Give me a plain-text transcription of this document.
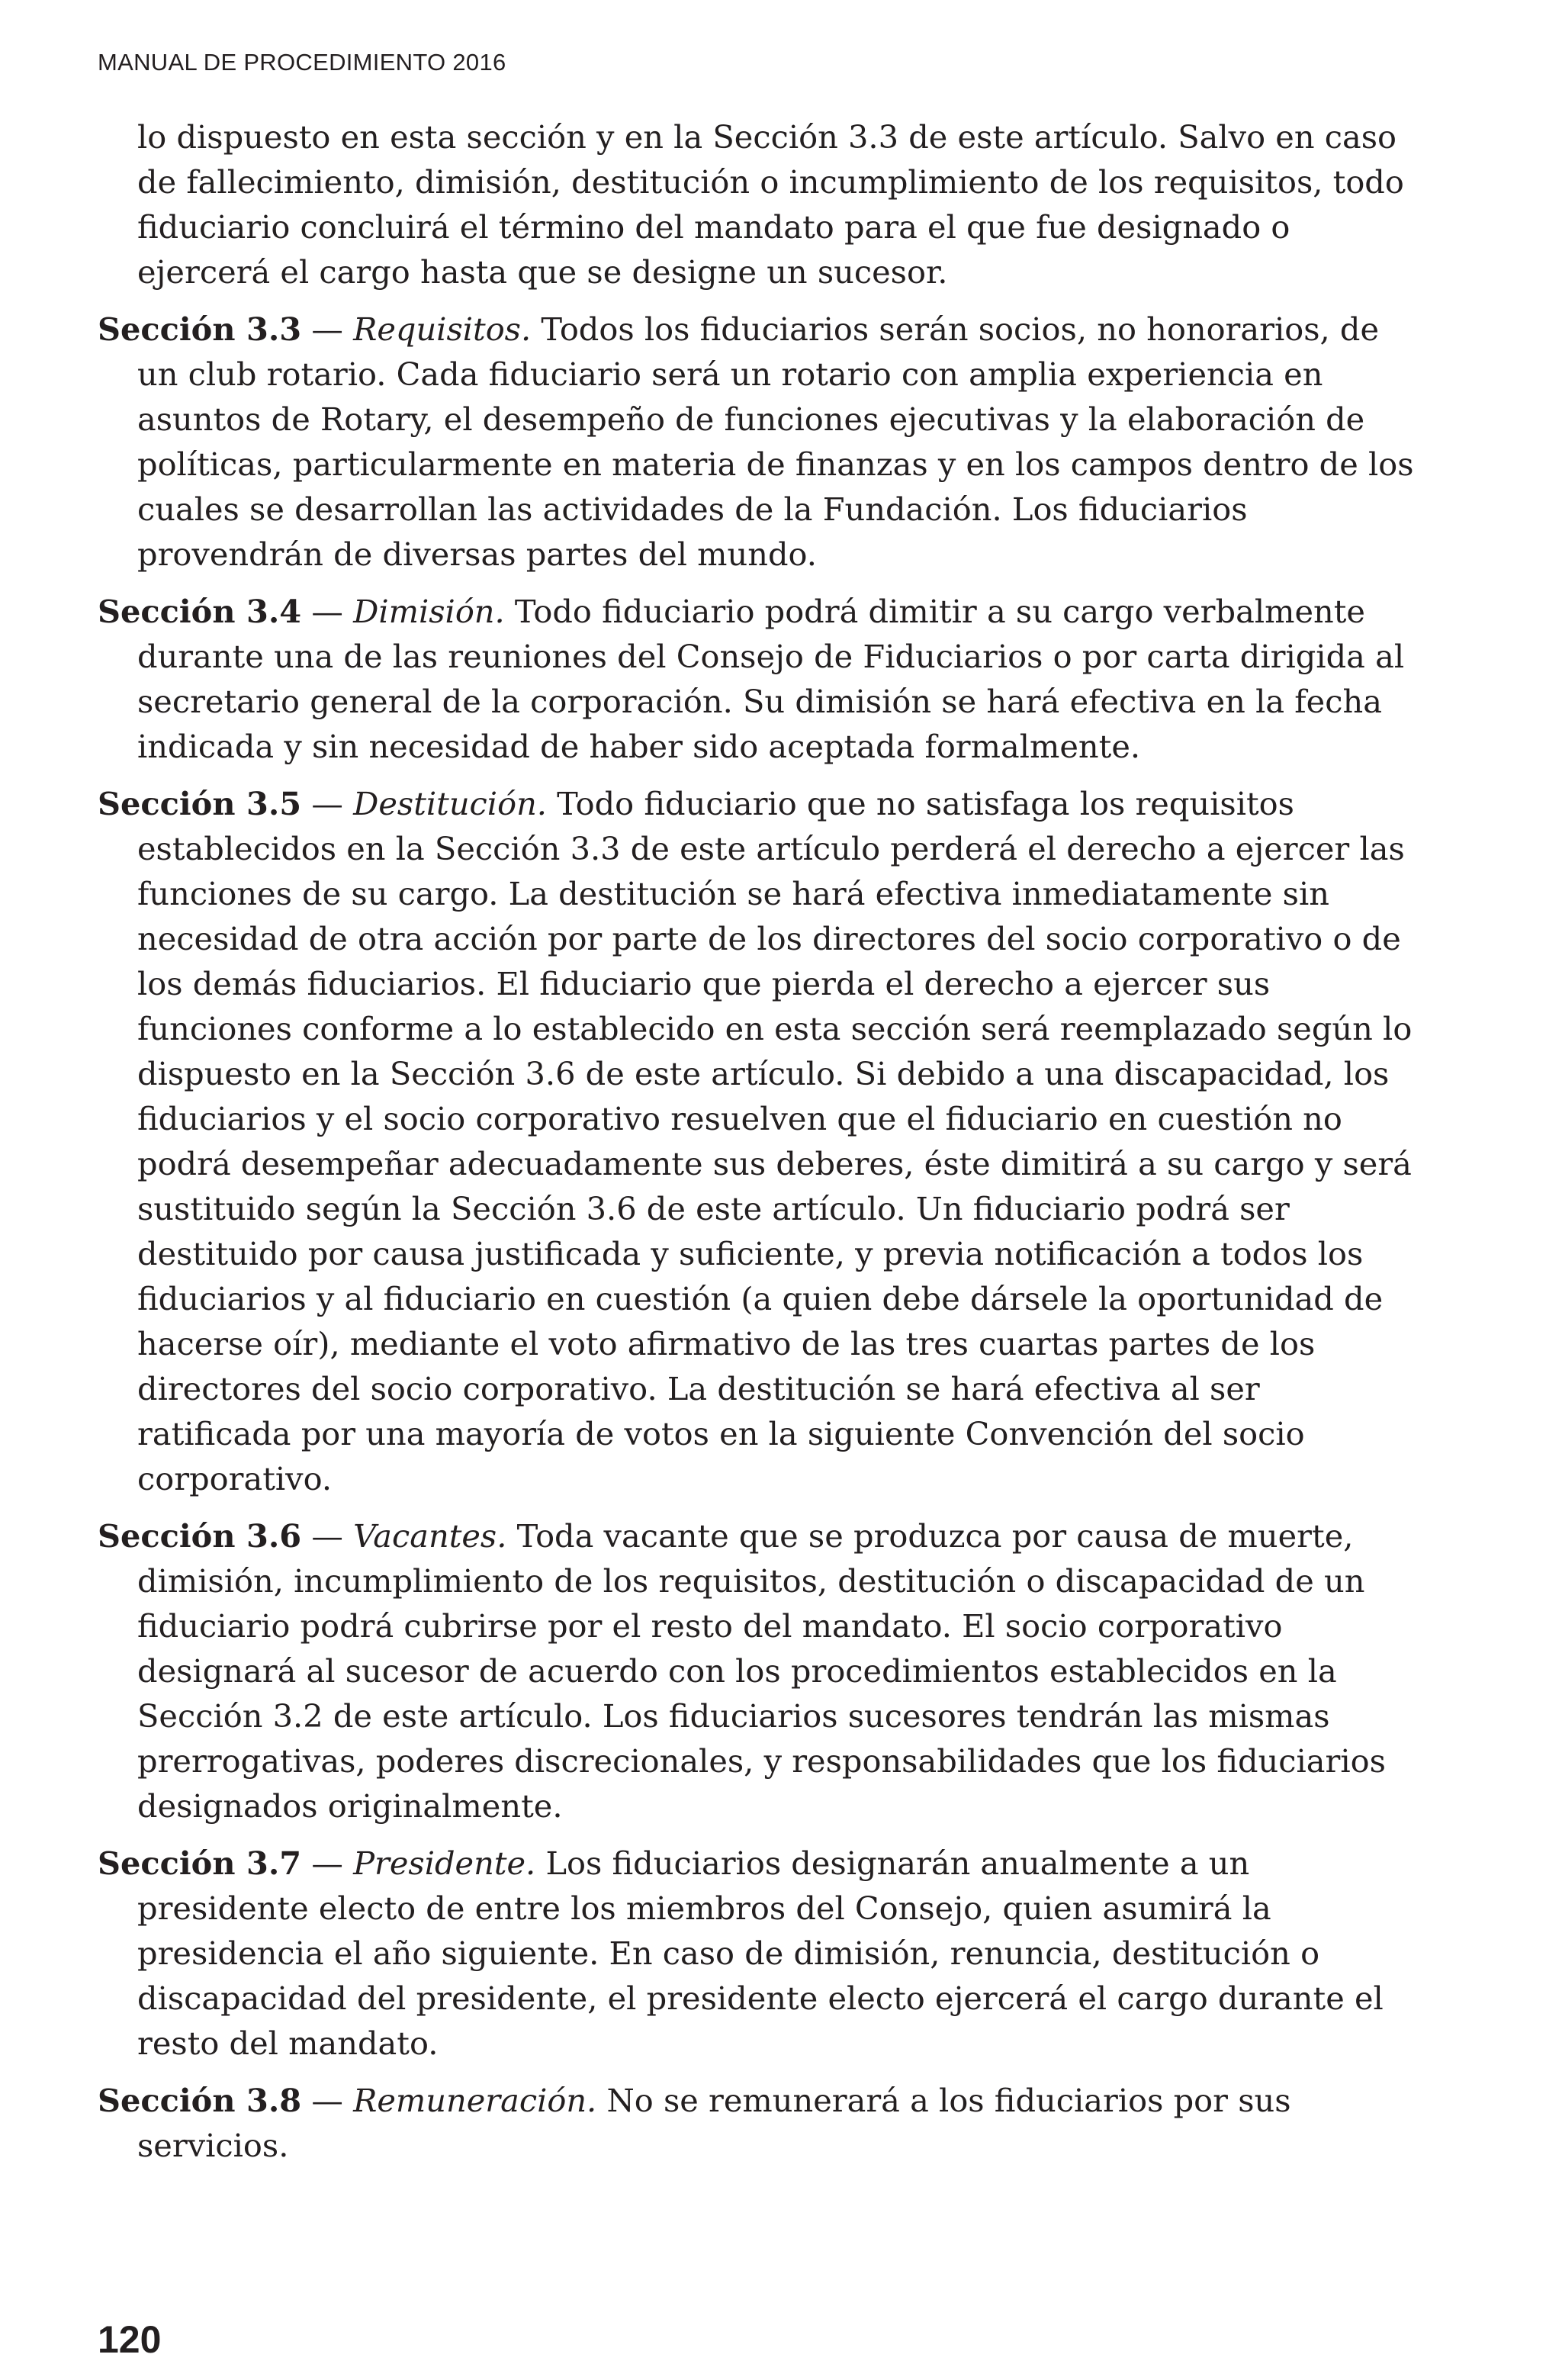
MANUAL DE PROCEDIMIENTO 2016

lo dispuesto en esta sección y en la Sección 3.3 de este artículo. Salvo en caso de fallecimiento, dimisión, destitución o incumplimiento de los requisitos, todo fiduciario concluirá el término del mandato para el que fue designado o ejercerá el cargo hasta que se designe un sucesor.

Sección 3.3 — Requisitos. Todos los fiduciarios serán socios, no honorarios, de un club rotario. Cada fiduciario será un rotario con amplia experiencia en asuntos de Rotary, el desempeño de funciones ejecutivas y la elaboración de políticas, particularmente en materia de finanzas y en los campos dentro de los cuales se desarrollan las actividades de la Fundación. Los fiduciarios provendrán de diversas partes del mundo.

Sección 3.4 — Dimisión. Todo fiduciario podrá dimitir a su cargo verbalmente durante una de las reuniones del Consejo de Fiduciarios o por carta dirigida al secretario general de la corporación. Su dimisión se hará efectiva en la fecha indicada y sin necesidad de haber sido aceptada formalmente.

Sección 3.5 — Destitución. Todo fiduciario que no satisfaga los requisitos establecidos en la Sección 3.3 de este artículo perderá el derecho a ejercer las funciones de su cargo. La destitución se hará efectiva inmediatamente sin necesidad de otra acción por parte de los directores del socio corporativo o de los demás fiduciarios. El fiduciario que pierda el derecho a ejercer sus funciones conforme a lo establecido en esta sección será reemplazado según lo dispuesto en la Sección 3.6 de este artículo. Si debido a una discapacidad, los fiduciarios y el socio corporativo resuelven que el fiduciario en cuestión no podrá desempeñar adecuadamente sus deberes, éste dimitirá a su cargo y será sustituido según la Sección 3.6 de este artículo. Un fiduciario podrá ser destituido por causa justificada y suficiente, y previa notificación a todos los fiduciarios y al fiduciario en cuestión (a quien debe dársele la oportunidad de hacerse oír), mediante el voto afirmativo de las tres cuartas partes de los directores del socio corporativo. La destitución se hará efectiva al ser ratificada por una mayoría de votos en la siguiente Convención del socio corporativo.

Sección 3.6 — Vacantes. Toda vacante que se produzca por causa de muerte, dimisión, incumplimiento de los requisitos, destitución o discapacidad de un fiduciario podrá cubrirse por el resto del mandato. El socio corporativo designará al sucesor de acuerdo con los procedimientos establecidos en la Sección 3.2 de este artículo. Los fiduciarios sucesores tendrán las mismas prerrogativas, poderes discrecionales, y responsabilidades que los fiduciarios designados originalmente.

Sección 3.7 — Presidente. Los fiduciarios designarán anualmente a un presidente electo de entre los miembros del Consejo, quien asumirá la presidencia el año siguiente. En caso de dimisión, renuncia, destitución o discapacidad del presidente, el presidente electo ejercerá el cargo durante el resto del mandato.

Sección 3.8 — Remuneración. No se remunerará a los fiduciarios por sus servicios.

120
